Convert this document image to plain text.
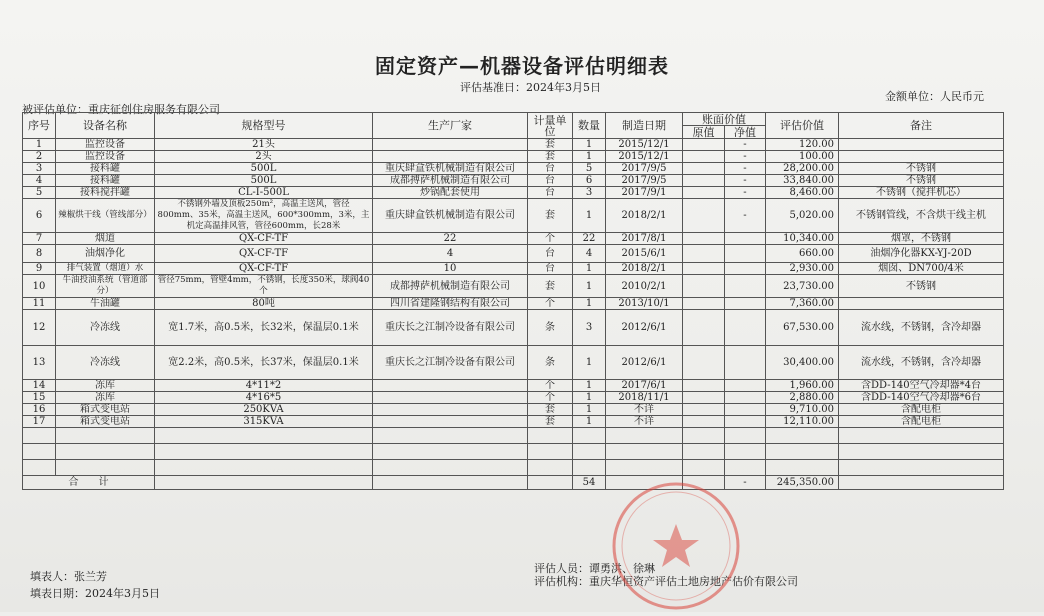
固定资产—机器设备评估明细表
评估基准日：2024年3月5日
金额单位：人民币元
被评估单位：重庆征创住房服务有限公司
序号	设备名称	规格型号	生产厂家	计量单位	数量	制造日期	账面价值		评估价值	备注
							原值	净值		
1	监控设备	21头		套	1	2015/12/1		-	120.00	
2	监控设备	2头		套	1	2015/12/1		-	100.00	
3	接料罐	500L	重庆肆盒铁机械制造有限公司	台	5	2017/9/5		-	28,200.00	不锈钢
4	接料罐	500L	成都搏萨机械制造有限公司	台	6	2017/9/5		-	33,840.00	不锈钢
5	接料搅拌罐	CL-I-500L	炒锅配套使用	台	3	2017/9/1		-	8,460.00	不锈钢（搅拌机芯）
6	辣椒烘干线（管线部分）	不锈钢外墙及顶板250m²，高温主送风，管径800mm、35米，高温主送风，600*300mm，3米，主机定高温排风管，管径600mm，长28米	重庆肆盒铁机械制造有限公司	套	1	2018/2/1		-	5,020.00	不锈钢管线，不含烘干线主机
7	烟道	QX-CF-TF	22	个	22	2017/8/1			10,340.00	烟罩，不锈钢
8	油烟净化	QX-CF-TF	4	台	4	2015/6/1			660.00	油烟净化器KX-YJ-20D
9	排气装置（烟道）水	QX-CF-TF	10	台	1	2018/2/1			2,930.00	烟囱、DN700/4米
10	牛油投油系统（管道部分）	管径75mm，管壁4mm，不锈钢，长度350米，球阀40个	成都搏萨机械制造有限公司	套	1	2010/2/1			23,730.00	不锈钢
11	牛油罐	80吨	四川省建隆钢结构有限公司	个	1	2013/10/1			7,360.00	
12	冷冻线	宽1.7米，高0.5米，长32米，保温层0.1米	重庆长之江制冷设备有限公司	条	3	2012/6/1			67,530.00	流水线，不锈钢，含冷却器
13	冷冻线	宽2.2米，高0.5米，长37米，保温层0.1米	重庆长之江制冷设备有限公司	条	1	2012/6/1			30,400.00	流水线，不锈钢，含冷却器
14	冻库	4*11*2		个	1	2017/6/1			1,960.00	含DD-140空气冷却器*4台
15	冻库	4*16*5		个	1	2018/11/1			2,880.00	含DD-140空气冷却器*6台
16	箱式变电站	250KVA		套	1	不详			9,710.00	含配电柜
17	箱式变电站	315KVA		套	1	不详			12,110.00	含配电柜

合　　计					54			-	245,350.00	
填表人：张兰芳
填表日期：2024年3月5日
评估人员：谭勇洪、徐琳
评估机构：重庆华恒资产评估土地房地产估价有限公司
